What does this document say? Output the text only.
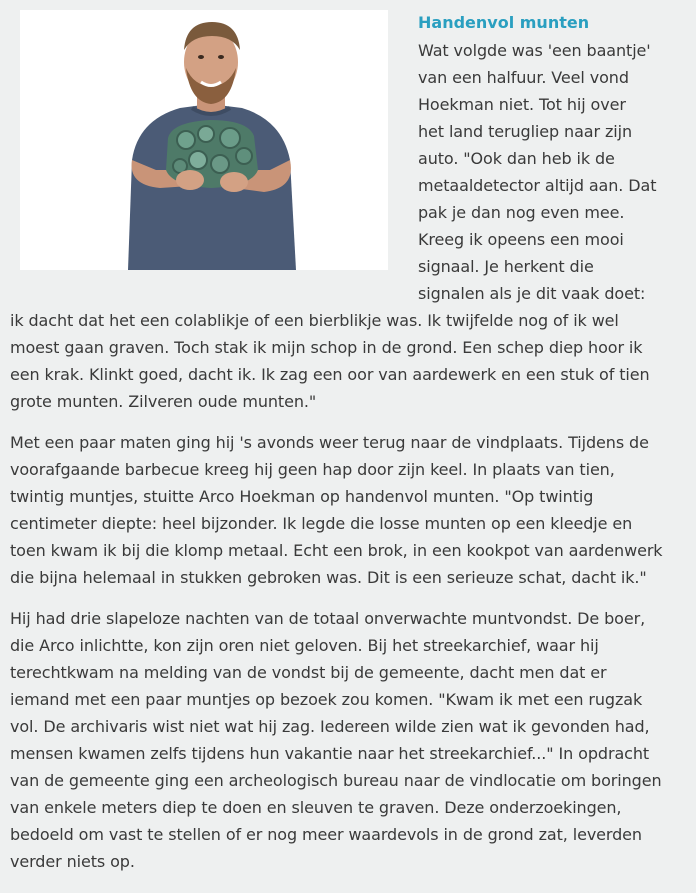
Handenvol munten
Wat volgde was 'een baantje'
van een halfuur. Veel vond
Hoekman niet. Tot hij over
het land terugliep naar zijn
auto. "Ook dan heb ik de
metaaldetector altijd aan. Dat
pak je dan nog even mee.
Kreeg ik opeens een mooi
signaal. Je herkent die
signalen als je dit vaak doet:
ik dacht dat het een colablikje of een bierblikje was. Ik twijfelde nog of ik wel
moest gaan graven. Toch stak ik mijn schop in de grond. Een schep diep hoor ik
een krak. Klinkt goed, dacht ik. Ik zag een oor van aardewerk en een stuk of tien
grote munten. Zilveren oude munten."
Met een paar maten ging hij 's avonds weer terug naar de vindplaats. Tijdens de
voorafgaande barbecue kreeg hij geen hap door zijn keel. In plaats van tien,
twintig muntjes, stuitte Arco Hoekman op handenvol munten. "Op twintig
centimeter diepte: heel bijzonder. Ik legde die losse munten op een kleedje en
toen kwam ik bij die klomp metaal. Echt een brok, in een kookpot van aardenwerk
die bijna helemaal in stukken gebroken was. Dit is een serieuze schat, dacht ik."
Hij had drie slapeloze nachten van de totaal onverwachte muntvondst. De boer,
die Arco inlichtte, kon zijn oren niet geloven. Bij het streekarchief, waar hij
terechtkwam na melding van de vondst bij de gemeente, dacht men dat er
iemand met een paar muntjes op bezoek zou komen. "Kwam ik met een rugzak
vol. De archivaris wist niet wat hij zag. Iedereen wilde zien wat ik gevonden had,
mensen kwamen zelfs tijdens hun vakantie naar het streekarchief..." In opdracht
van de gemeente ging een archeologisch bureau naar de vindlocatie om boringen
van enkele meters diep te doen en sleuven te graven. Deze onderzoekingen,
bedoeld om vast te stellen of er nog meer waardevols in de grond zat, leverden
verder niets op.
